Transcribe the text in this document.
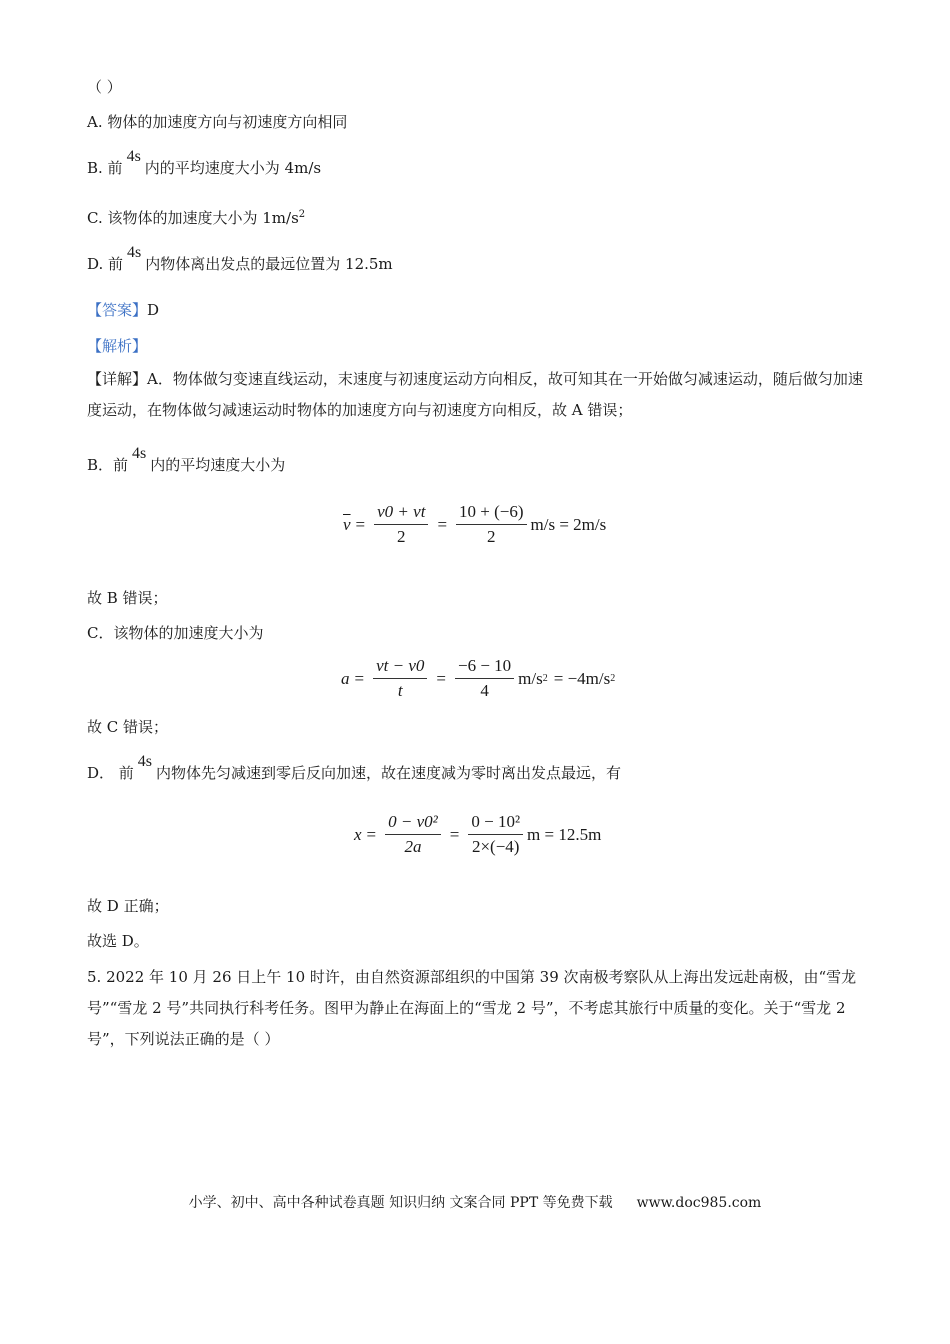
（ ）
A. 物体的加速度方向与初速度方向相同
B. 前4s内的平均速度大小为 4m/s
C. 该物体的加速度大小为 $1m/s^2$
D. 前4s内物体离出发点的最远位置为 12.5m
【答案】D
【解析】
【详解】A．物体做匀变速直线运动，末速度与初速度运动方向相反，故可知其在一开始做匀减速运动，随后做匀加速度运动，在物体做匀减速运动时物体的加速度方向与初速度方向相反，故 A 错误；
B．前4s内的平均速度大小为
$\overline{v} = \frac{v0 + vt}{2} = \frac{10 + (-6)}{2} m/s = 2m/s$
故 B 错误；
C．该物体的加速度大小为
$a = \frac{vt - v0}{t} = \frac{-6 - 10}{4} m/s$ 2 = −4m/s 2
故 C 错误；
D． 前4s内物体先匀减速到零后反向加速，故在速度减为零时离出发点最远，有
$x = \frac{\text{0 − v0²}}{2a} = \frac{\text{0 − 10²}}{2\times(-4)}$ m = 12.5m
故 D 正确；
故选 D。
5. 2022 年 10 月 26 日上午 10 时许，由自然资源部组织的中国第 39 次南极考察队从上海出发远赴南极，由“雪龙号”“雪龙 2 号”共同执行科考任务。图甲为静止在海面上的“雪龙 2 号”，不考虑其旅行中质量的变化。关于“雪龙 2 号”，下列说法正确的是（ ）
小学、初中、高中各种试卷真题 知识归纳 文案合同 PPT 等免费下载 www.doc985.com
